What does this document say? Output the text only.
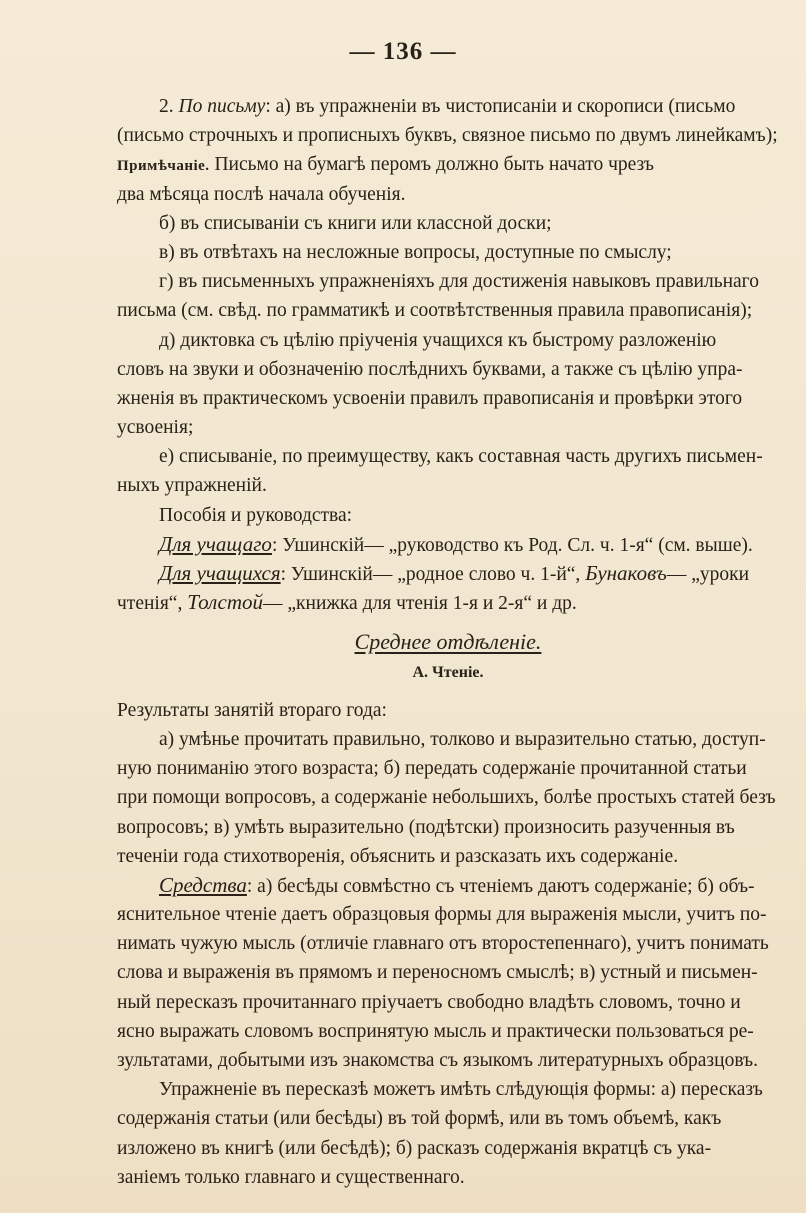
— 136 —
2. По письму: а) въ упражненіи въ чистописаніи и скорописи (письмо
(письмо строчныхъ и прописныхъ буквъ, связное письмо по двумъ линейкамъ);
Примѣчаніе. Письмо на бумагѣ перомъ должно быть начато чрезъ
два мѣсяца послѣ начала обученія.
б) въ списываніи съ книги или классной доски;
в) въ отвѣтахъ на несложные вопросы, доступные по смыслу;
г) въ письменныхъ упражненіяхъ для достиженія навыковъ правильнаго
письма (см. свѣд. по грамматикѣ и соотвѣтственныя правила правописанія);
д) диктовка съ цѣлію пріученія учащихся къ быстрому разложенію
словъ на звуки и обозначенію послѣднихъ буквами, а также съ цѣлію упра-
жненія въ практическомъ усвоеніи правилъ правописанія и провѣрки этого
усвоенія;
е) списываніе, по преимуществу, какъ составная часть другихъ письмен-
ныхъ упражненій.
Пособія и руководства:
Для учащаго: Ушинскій— „руководство къ Род. Сл. ч. 1-я“ (см. выше).
Для учащихся: Ушинскій— „родное слово ч. 1-й“, Бунаковъ— „уроки
чтенія“, Толстой— „книжка для чтенія 1-я и 2-я“ и др.
Среднее отдѣленіе.
А. Чтеніе.
Результаты занятій втораго года:
а) умѣнье прочитать правильно, толково и выразительно статью, доступ-
ную пониманію этого возраста; б) передать содержаніе прочитанной статьи
при помощи вопросовъ, а содержаніе небольшихъ, болѣе простыхъ статей безъ
вопросовъ; в) умѣть выразительно (подѣтски) произносить разученныя въ
теченіи года стихотворенія, объяснить и разсказать ихъ содержаніе.
Средства: а) бесѣды совмѣстно съ чтеніемъ даютъ содержаніе; б) объ-
яснительное чтеніе даетъ образцовыя формы для выраженія мысли, учитъ по-
нимать чужую мысль (отличіе главнаго отъ второстепеннаго), учитъ понимать
слова и выраженія въ прямомъ и переносномъ смыслѣ; в) устный и письмен-
ный пересказъ прочитаннаго пріучаетъ свободно владѣть словомъ, точно и
ясно выражать словомъ воспринятую мысль и практически пользоваться ре-
зультатами, добытыми изъ знакомства съ языкомъ литературныхъ образцовъ.
Упражненіе въ пересказѣ можетъ имѣть слѣдующія формы: а) пересказъ
содержанія статьи (или бесѣды) въ той формѣ, или въ томъ объемѣ, какъ
изложено въ книгѣ (или бесѣдѣ); б) расказъ содержанія вкратцѣ съ ука-
заніемъ только главнаго и существеннаго.
